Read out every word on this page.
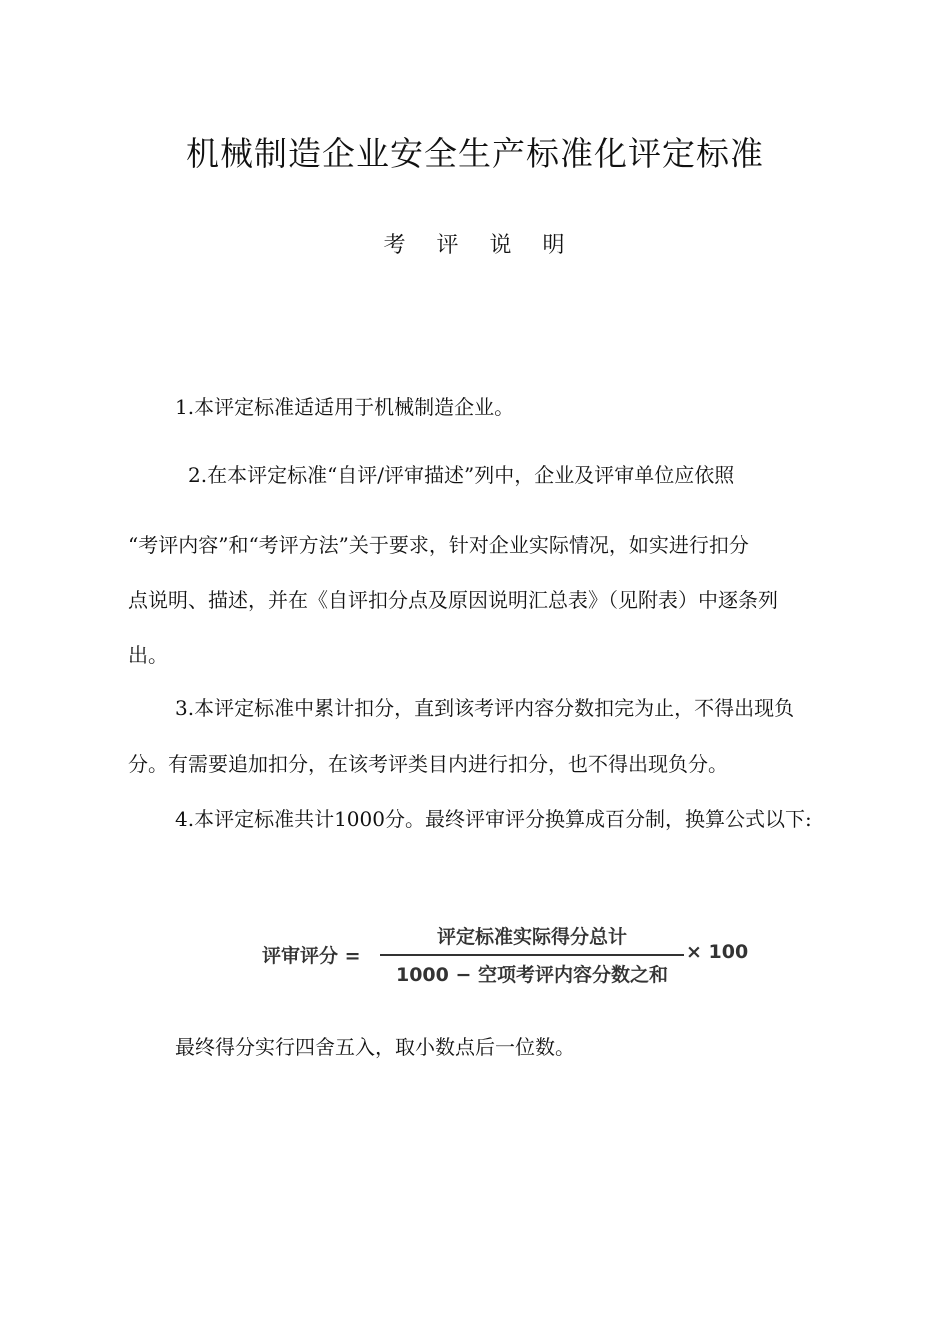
机械制造企业安全生产标准化评定标准
考 评 说 明
1.本评定标准适适用于机械制造企业。
2.在本评定标准“自评/评审描述”列中，企业及评审单位应依照
“考评内容”和“考评方法”关于要求，针对企业实际情况，如实进行扣分
点说明、描述，并在《自评扣分点及原因说明汇总表》（见附表）中逐条列
出。
3.本评定标准中累计扣分，直到该考评内容分数扣完为止，不得出现负
分。有需要追加扣分，在该考评类目内进行扣分，也不得出现负分。
4.本评定标准共计1000分。最终评审评分换算成百分制，换算公式以下:
评审评分 =
评定标准实际得分总计
1000 − 空项考评内容分数之和
× 100
最终得分实行四舍五入，取小数点后一位数。
